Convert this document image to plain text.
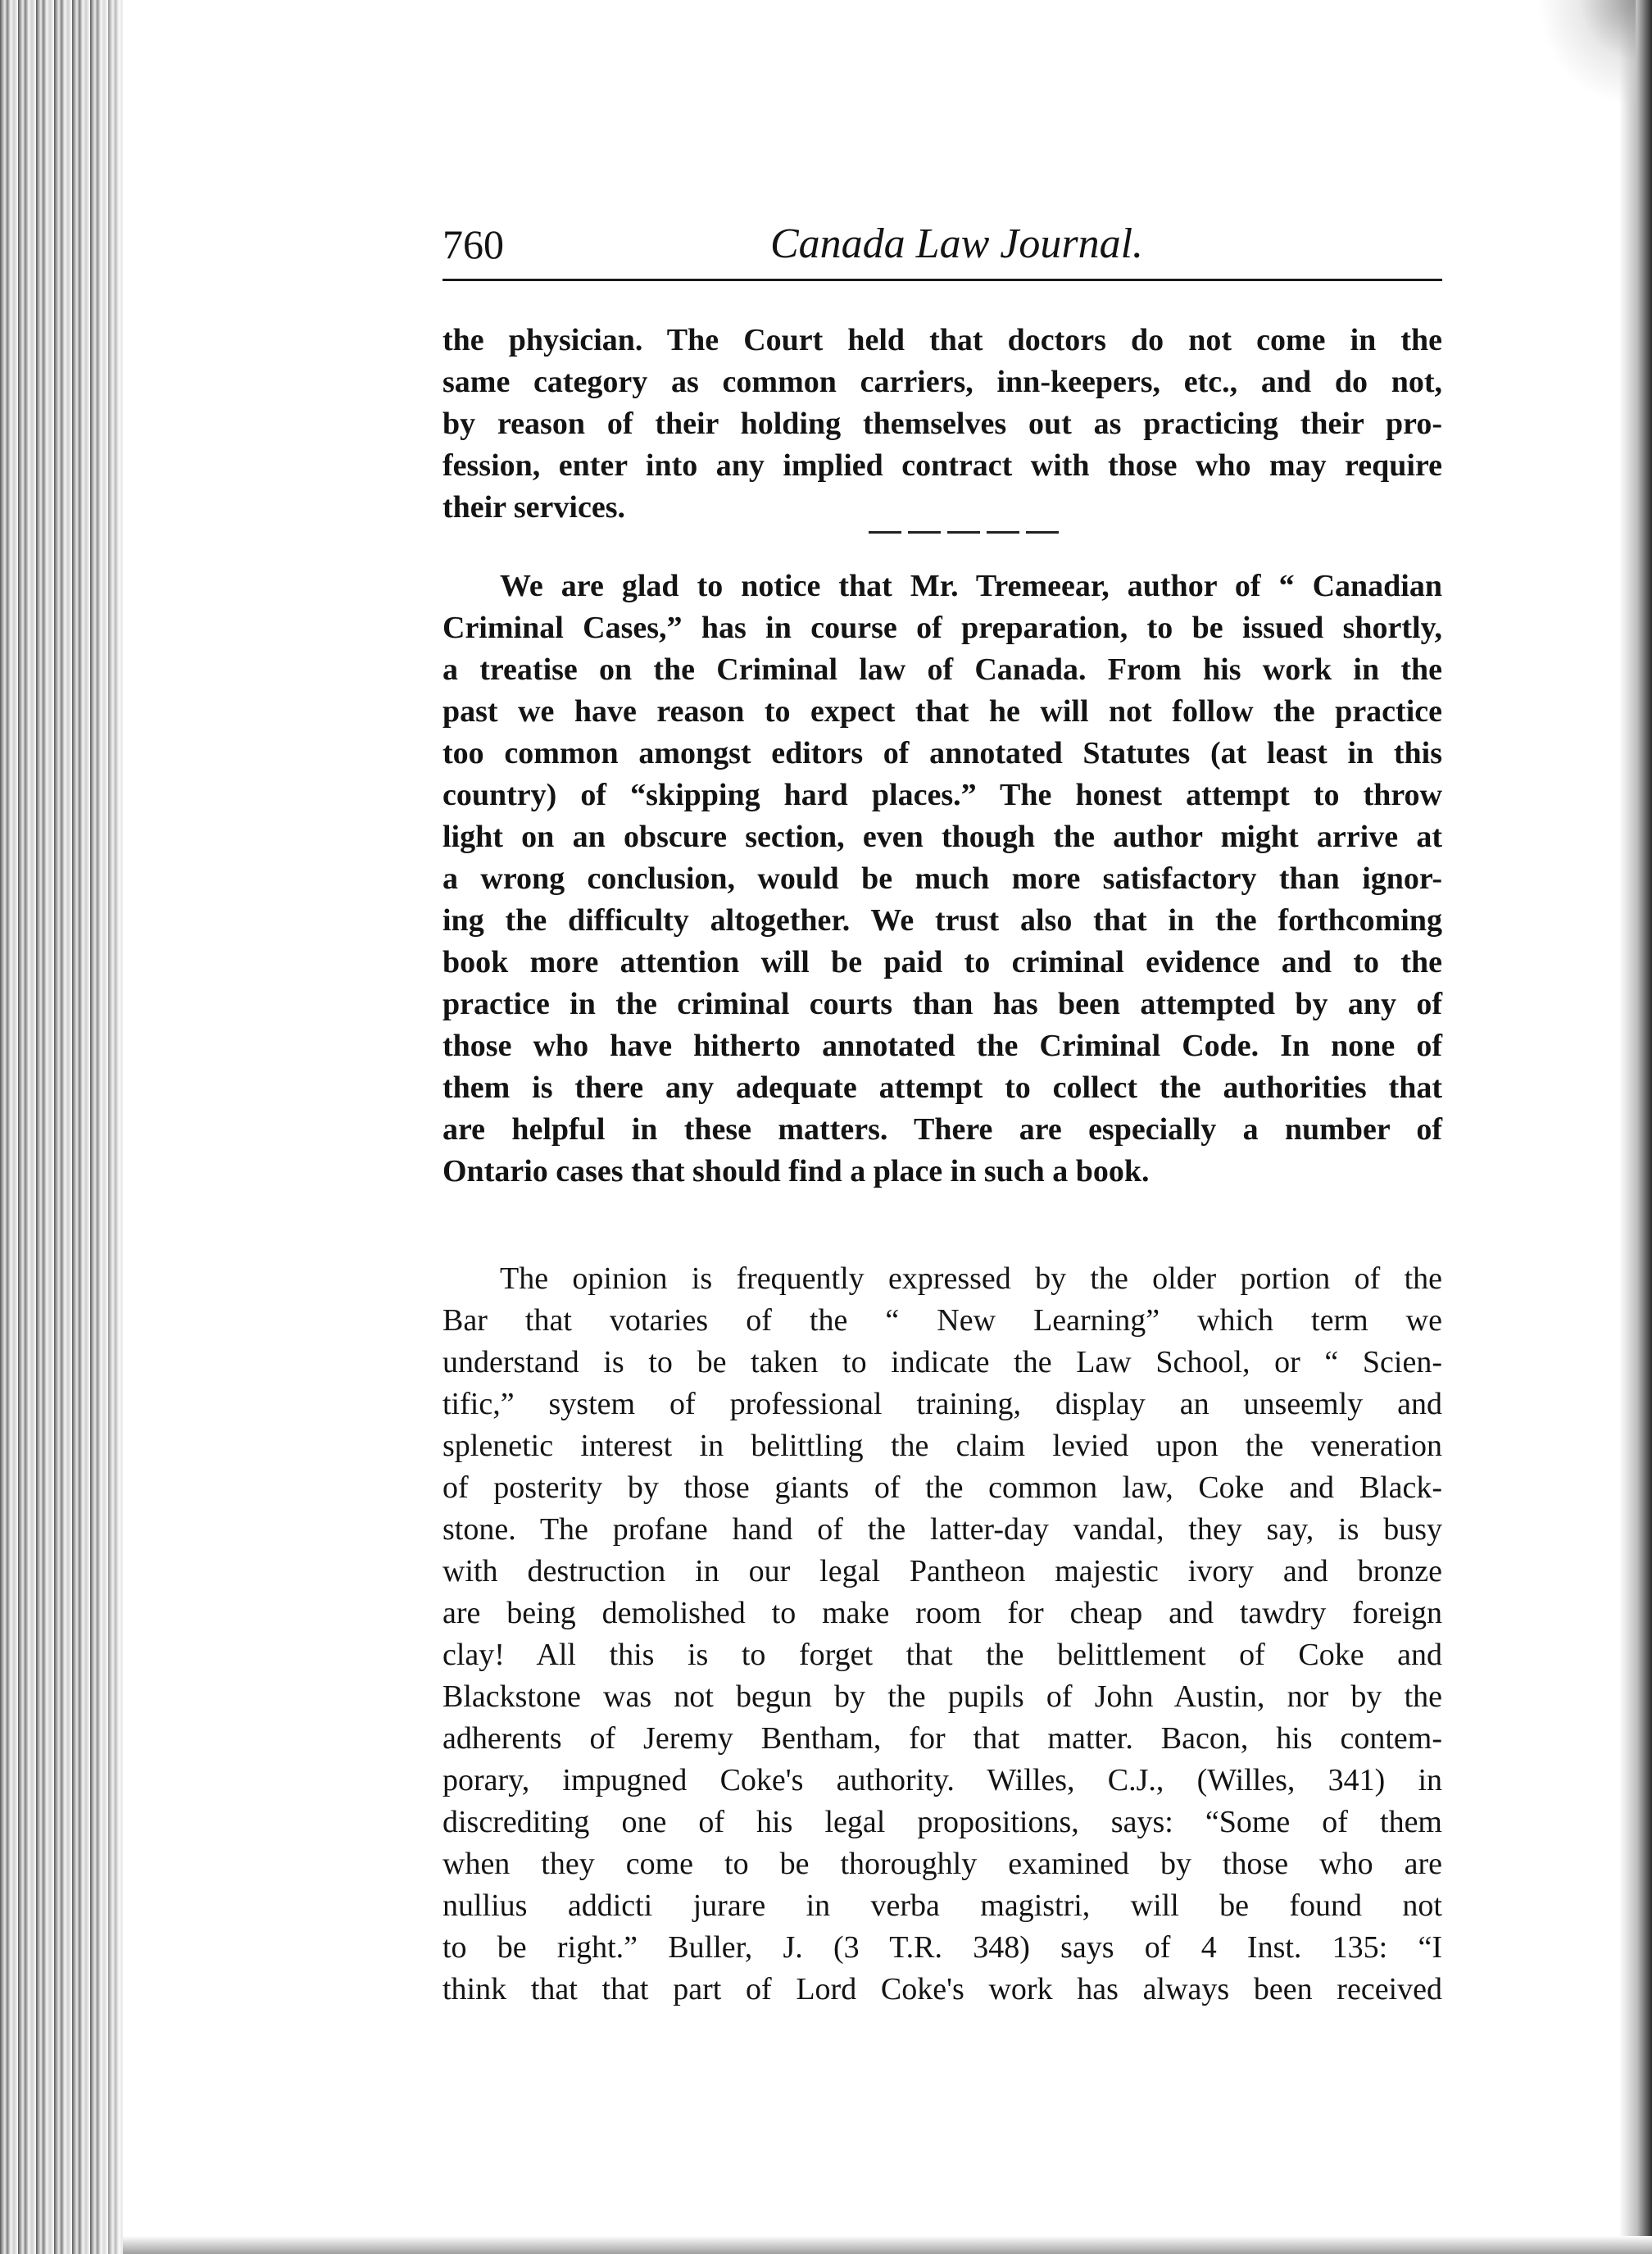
760	Canada Law Journal.
the physician. The Court held that doctors do not come in the
same category as common carriers, inn-keepers, etc., and do not,
by reason of their holding themselves out as practicing their pro-
fession, enter into any implied contract with those who may require
their services.
We are glad to notice that Mr. Tremeear, author of “ Canadian
Criminal Cases,” has in course of preparation, to be issued shortly,
a treatise on the Criminal law of Canada. From his work in the
past we have reason to expect that he will not follow the practice
too common amongst editors of annotated Statutes (at least in this
country) of “skipping hard places.” The honest attempt to throw
light on an obscure section, even though the author might arrive at
a wrong conclusion, would be much more satisfactory than ignor-
ing the difficulty altogether. We trust also that in the forthcoming
book more attention will be paid to criminal evidence and to the
practice in the criminal courts than has been attempted by any of
those who have hitherto annotated the Criminal Code. In none of
them is there any adequate attempt to collect the authorities that
are helpful in these matters. There are especially a number of
Ontario cases that should find a place in such a book.
The opinion is frequently expressed by the older portion of the
Bar that votaries of the “ New Learning” which term we
understand is to be taken to indicate the Law School, or “ Scien-
tific,” system of professional training, display an unseemly and
splenetic interest in belittling the claim levied upon the veneration
of posterity by those giants of the common law, Coke and Black-
stone. The profane hand of the latter-day vandal, they say, is busy
with destruction in our legal Pantheon majestic ivory and bronze
are being demolished to make room for cheap and tawdry foreign
clay! All this is to forget that the belittlement of Coke and
Blackstone was not begun by the pupils of John Austin, nor by the
adherents of Jeremy Bentham, for that matter. Bacon, his contem-
porary, impugned Coke's authority. Willes, C.J., (Willes, 341) in
discrediting one of his legal propositions, says: “Some of them
when they come to be thoroughly examined by those who are
nullius addicti jurare in verba magistri, will be found not
to be right.” Buller, J. (3 T.R. 348) says of 4 Inst. 135: “I
think that that part of Lord Coke's work has always been received
